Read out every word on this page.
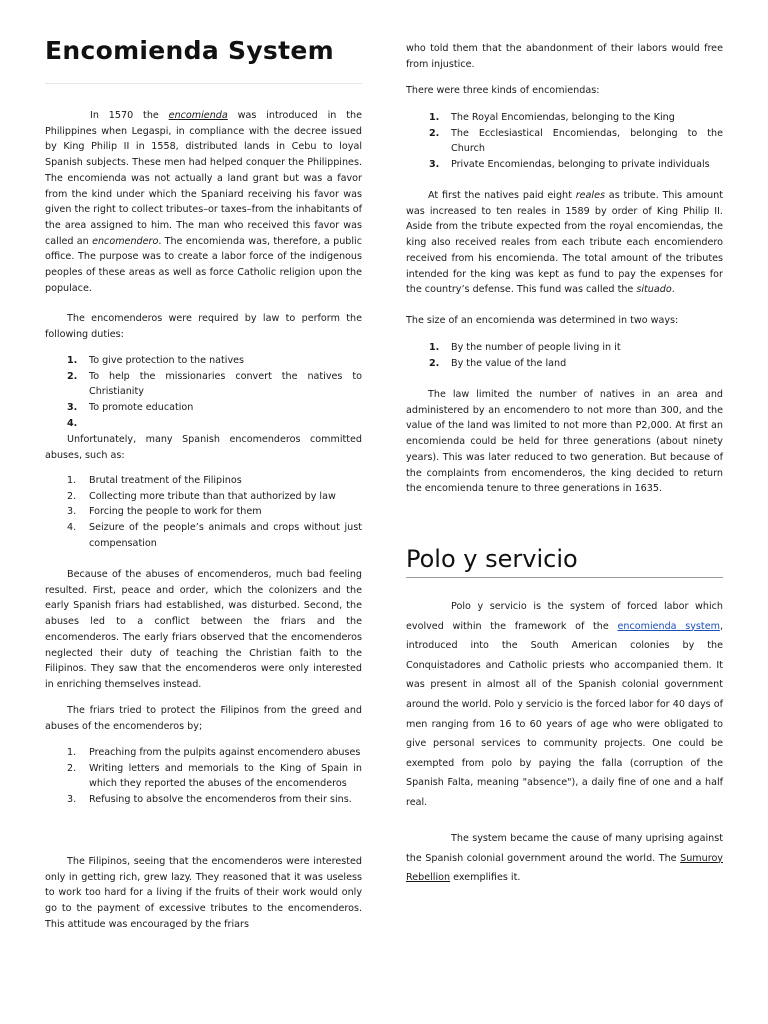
Encomienda System

In 1570 the encomienda was introduced in the Philippines when Legaspi, in compliance with the decree issued by King Philip II in 1558, distributed lands in Cebu to loyal Spanish subjects. These men had helped conquer the Philippines. The encomienda was not actually a land grant but was a favor from the kind under which the Spaniard receiving his favor was given the right to collect tributes–or taxes–from the inhabitants of the area assigned to him. The man who received this favor was called an encomendero. The encomienda was, therefore, a public office. The purpose was to create a labor force of the indigenous peoples of these areas as well as force Catholic religion upon the populace.

The encomenderos were required by law to perform the following duties:

1. To give protection to the natives
2. To help the missionaries convert the natives to Christianity
3. To promote education
4.

Unfortunately, many Spanish encomenderos committed abuses, such as:

1. Brutal treatment of the Filipinos
2. Collecting more tribute than that authorized by law
3. Forcing the people to work for them
4. Seizure of the people’s animals and crops without just compensation

Because of the abuses of encomenderos, much bad feeling resulted. First, peace and order, which the colonizers and the early Spanish friars had established, was disturbed. Second, the abuses led to a conflict between the friars and the encomenderos. The early friars observed that the encomenderos neglected their duty of teaching the Christian faith to the Filipinos. They saw that the encomenderos were only interested in enriching themselves instead.

The friars tried to protect the Filipinos from the greed and abuses of the encomenderos by;

1. Preaching from the pulpits against encomendero abuses
2. Writing letters and memorials to the King of Spain in which they reported the abuses of the encomenderos
3. Refusing to absolve the encomenderos from their sins.

The Filipinos, seeing that the encomenderos were interested only in getting rich, grew lazy. They reasoned that it was useless to work too hard for a living if the fruits of their work would only go to the payment of excessive tributes to the encomenderos. This attitude was encouraged by the friars

who told them that the abandonment of their labors would free from injustice.

There were three kinds of encomiendas:

1. The Royal Encomiendas, belonging to the King
2. The Ecclesiastical Encomiendas, belonging to the Church
3. Private Encomiendas, belonging to private individuals

At first the natives paid eight reales as tribute. This amount was increased to ten reales in 1589 by order of King Philip II. Aside from the tribute expected from the royal encomiendas, the king also received reales from each tribute each encomiendero received from his encomienda. The total amount of the tributes intended for the king was kept as fund to pay the expenses for the country’s defense. This fund was called the situado.

The size of an encomienda was determined in two ways:

1. By the number of people living in it
2. By the value of the land

The law limited the number of natives in an area and administered by an encomendero to not more than 300, and the value of the land was limited to not more than P2,000. At first an encomienda could be held for three generations (about ninety years). This was later reduced to two generation. But because of the complaints from encomenderos, the king decided to return the encomienda tenure to three generations in 1635.

Polo y servicio

Polo y servicio is the system of forced labor which evolved within the framework of the encomienda system, introduced into the South American colonies by the Conquistadores and Catholic priests who accompanied them. It was present in almost all of the Spanish colonial government around the world. Polo y servicio is the forced labor for 40 days of men ranging from 16 to 60 years of age who were obligated to give personal services to community projects. One could be exempted from polo by paying the falla (corruption of the Spanish Falta, meaning "absence"), a daily fine of one and a half real.

The system became the cause of many uprising against the Spanish colonial government around the world. The Sumuroy Rebellion exemplifies it.
